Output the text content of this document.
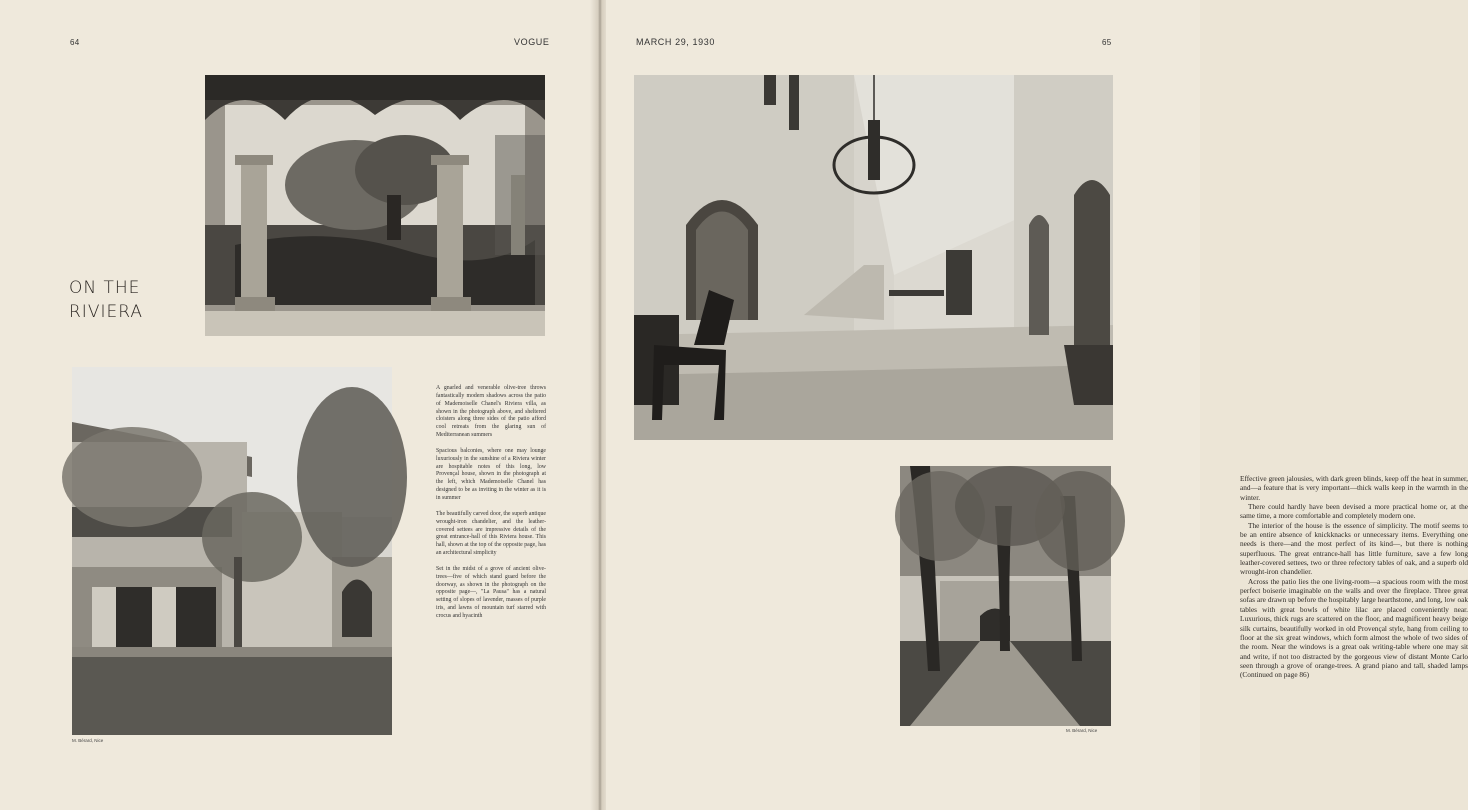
64	VOGUE
ON THE
RIVIERA
M. Bérard, Nice

A gnarled and venerable olive-tree throws fantastically modern shadows across the patio of Mademoiselle Chanel's Riviera villa, as shown in the photograph above, and sheltered cloisters along three sides of the patio afford cool retreats from the glaring sun of Mediterranean summers

Spacious balconies, where one may lounge luxuriously in the sunshine of a Riviera winter are hospitable notes of this long, low Provençal house, shown in the photograph at the left, which Mademoiselle Chanel has designed to be as inviting in the winter as it is in summer

The beautifully carved door, the superb antique wrought-iron chandelier, and the leather-covered settees are impressive details of the great entrance-hall of this Riviera house. This hall, shown at the top of the opposite page, has an architectural simplicity

Set in the midst of a grove of ancient olive-trees—five of which stand guard before the doorway, as shown in the photograph on the opposite page—, "La Pausa" has a natural setting of slopes of lavender, masses of purple iris, and lawns of mountain turf starred with crocus and hyacinth

MARCH 29, 1930	65

Effective green jalousies, with dark green blinds, keep off the heat in summer, and—a feature that is very important—thick walls keep in the warmth in the winter.

There could hardly have been devised a more practical home or, at the same time, a more comfortable and completely modern one.

The interior of the house is the essence of simplicity. The motif seems to be an entire absence of knickknacks or unnecessary items. Everything one needs is there—and the most perfect of its kind—, but there is nothing superfluous. The great entrance-hall has little furniture, save a few long leather-covered settees, two or three refectory tables of oak, and a superb old wrought-iron chandelier.

Across the patio lies the one living-room—a spacious room with the most perfect boiserie imaginable on the walls and over the fireplace. Three great sofas are drawn up before the hospitably large hearthstone, and long, low oak tables with great bowls of white lilac are placed conveniently near. Luxurious, thick rugs are scattered on the floor, and magnificent heavy beige silk curtains, beautifully worked in old Provençal style, hang from ceiling to floor at the six great windows, which form almost the whole of two sides of the room. Near the windows is a great oak writing-table where one may sit and write, if not too distracted by the gorgeous view of distant Monte Carlo seen through a grove of orange-trees. A grand piano and tall, shaded lamps (Continued on page 86)

M. Bérard, Nice
